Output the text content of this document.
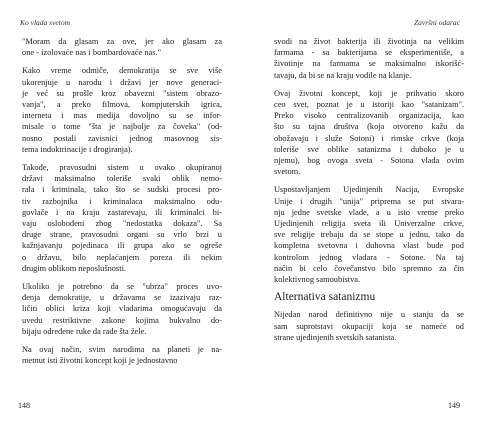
Ko vlada svetom

"Moram da glasam za ove, jer ako glasam za
one - izolovaće nas i bombardovaće nas."

Kako vreme odmiče, demokratija se sve više
ukorenjuje u narodu i državi jer nove generaci-
je već su prošle kroz obavezni "sistem obrazo-
vanja", a preko filmova, kompjuterskih igrica,
interneta i mas medija dovoljno su se infor-
misale o tome "šta je najbolje za čoveka" (od-
nosno postali zavisnici jednog masovnog sis-
tema indoktrinacije i drogiranja).

Takođe, pravosudni sistem u ovako okupiranoj
državi maksimalno toleriše svaki oblik nemo-
rala i kriminala, tako što se sudski procesi pro-
tiv razbojnika i kriminalaca maksimalno odu-
govlače i na kraju zastarevaju, ili kriminalci bi-
vaju oslobođeni zbog "nedostatka dokaza". Sa
druge strane, pravosudni organi su vrlo brzi u
kažnjavanju pojedinaca ili grupa ako se ogreše
o državu, bilo neplaćanjem poreza ili nekim
drugim oblikom neposlušnosti.

Ukoliko je potrebno da se "ubrza" proces uvo-
đenja demokratije, u državama se izazivaju raz-
ličiti oblici kriza koji vladarima omogućavaju da
uvedu restriktivne zakone kojima bukvalno do-
bijaju određene ruke da rade šta žele.

Na ovaj način, svim narodima na planeti je na-
metnut isti životni koncept koji je jednostavno

148
Završni odarac

svodi na život bakterija ili životinja na velikim
farmama - sa bakterijama se eksperimentiše, a
životinje na farmama se maksimalno iskorišć-
tavaju, da bi se na kraju vodile na klanje.

Ovaj životni koncept, koji je prihvatio skoro
ceo svet, poznat je u istoriji kao "satanizam".
Preko visoko centralizovanih organizacija, kao
što su tajna društva (koja otvoreno kažu da
obožavaju i služe Sotoni) i rimske crkve (koja
toleriše sve oblike satanizma i duboko je u
njemu), bog ovoga sveta - Sotona vlada ovim
svetom.

Uspostavljanjem Ujedinjenih Nacija, Evropske
Unije i drugih "unija" pripremа se put stvara-
nju jedne svetske vlade, a u isto vreme preko
Ujedinjenih religija sveta ili Univerzalne crkve,
sve religije trebaju da se stope u jednu, tako da
kompletna svetovna i duhovna vlast bude pod
kontrolom jednog vladara - Sotone. Na taj
način bi celo čovečanstvo bilo spremno za čin
kolektivnog samoubistva.

Alternativa satanizmu

Nijedan narod definitivno nije u stanju da se
sam suprotstavi okupaciji koja se nameće od
strane ujedinjenih svetskih satanista.

149
